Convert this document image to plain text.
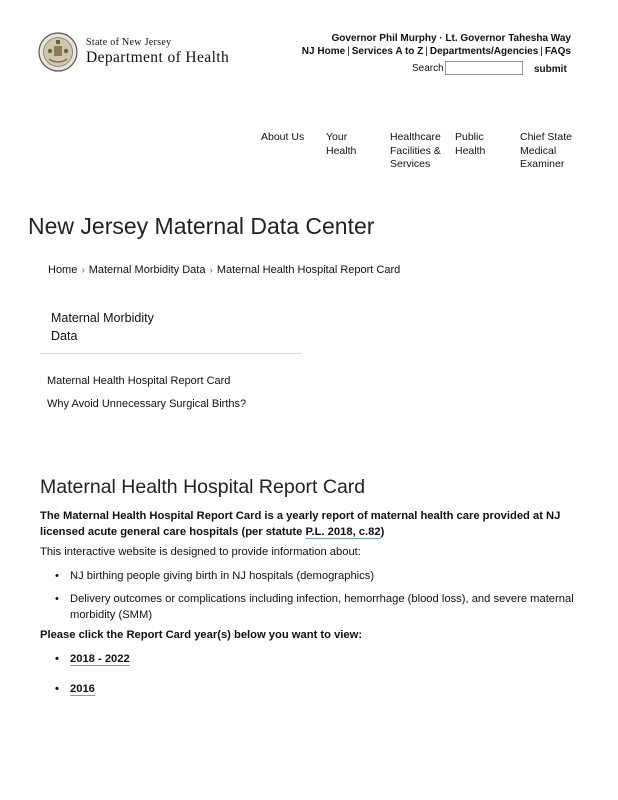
State of New Jersey
Department of Health
Governor Phil Murphy · Lt. Governor Tahesha Way
NJ Home | Services A to Z | Departments/Agencies | FAQs
Search	submit
About Us	Your Health
Healthcare Facilities & Services
Public Health
Chief State Medical Examiner
New Jersey Maternal Data Center
Home › Maternal Morbidity Data › Maternal Health Hospital Report Card
Maternal Morbidity Data
Maternal Health Hospital Report Card
Why Avoid Unnecessary Surgical Births?
Maternal Health Hospital Report Card
The Maternal Health Hospital Report Card is a yearly report of maternal health care provided at NJ licensed acute general care hospitals (per statute P.L. 2018, c.82)
This interactive website is designed to provide information about:
• NJ birthing people giving birth in NJ hospitals (demographics)
• Delivery outcomes or complications including infection, hemorrhage (blood loss), and severe maternal morbidity (SMM)
Please click the Report Card year(s) below you want to view:
• 2018 - 2022
• 2016
